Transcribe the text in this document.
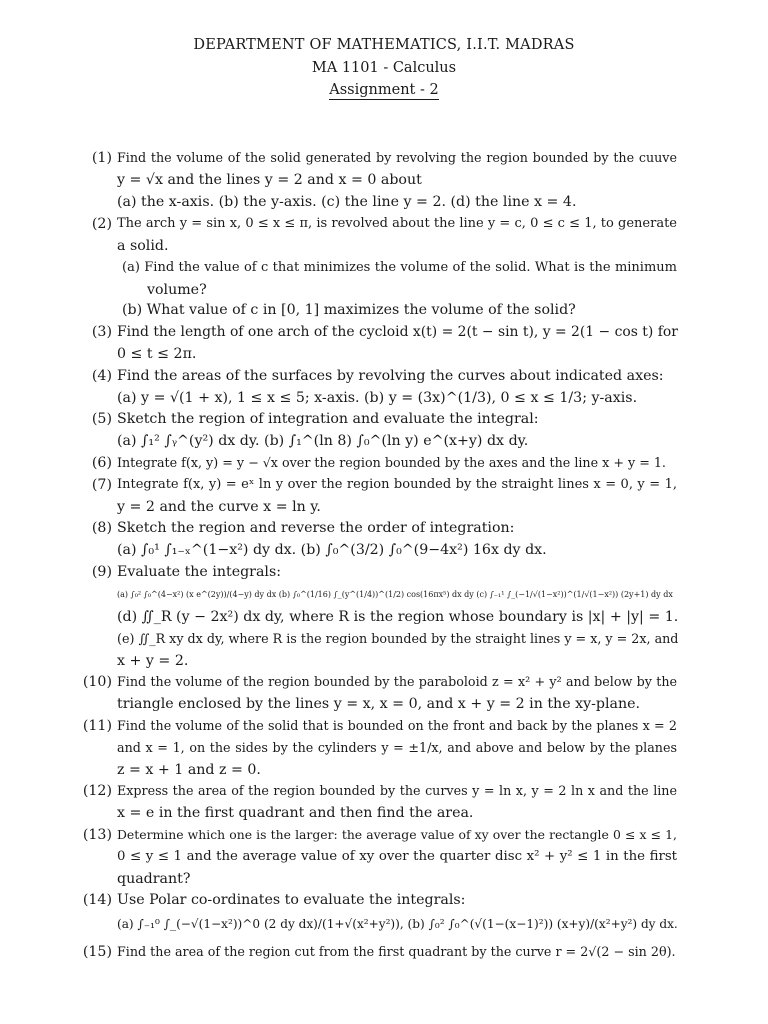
DEPARTMENT OF MATHEMATICS, I.I.T. MADRAS
MA 1101 - Calculus
Assignment - 2
(1) Find the volume of the solid generated by revolving the region bounded by the cuuve
y = √x and the lines y = 2 and x = 0 about
(a) the x-axis. (b) the y-axis. (c) the line y = 2. (d) the line x = 4.
(2) The arch y = sin x, 0 ≤ x ≤ π, is revolved about the line y = c, 0 ≤ c ≤ 1, to generate
a solid.
(a) Find the value of c that minimizes the volume of the solid. What is the minimum
volume?
(b) What value of c in [0, 1] maximizes the volume of the solid?
(3) Find the length of one arch of the cycloid x(t) = 2(t − sin t), y = 2(1 − cos t) for
0 ≤ t ≤ 2π.
(4) Find the areas of the surfaces by revolving the curves about indicated axes:
(a) y = √(1 + x), 1 ≤ x ≤ 5; x-axis. (b) y = (3x)^(1/3), 0 ≤ x ≤ 1/3; y-axis.
(5) Sketch the region of integration and evaluate the integral:
(a) ∫₁² ∫ᵧ^(y²) dx dy. (b) ∫₁^(ln 8) ∫₀^(ln y) e^(x+y) dx dy.
(6) Integrate f(x, y) = y − √x over the region bounded by the axes and the line x + y = 1.
(7) Integrate f(x, y) = eˣ ln y over the region bounded by the straight lines x = 0, y = 1,
y = 2 and the curve x = ln y.
(8) Sketch the region and reverse the order of integration:
(a) ∫₀¹ ∫₁₋ₓ^(1−x²) dy dx. (b) ∫₀^(3/2) ∫₀^(9−4x²) 16x dy dx.
(9) Evaluate the integrals:
(a) ∫₀² ∫₀^(4−x²) (x e^(2y))/(4−y) dy dx (b) ∫₀^(1/16) ∫_(y^(1/4))^(1/2) cos(16πx⁵) dx dy (c) ∫₋₁¹ ∫_(−1/√(1−x²))^(1/√(1−x²)) (2y+1) dy dx
(d) ∬_R (y − 2x²) dx dy, where R is the region whose boundary is |x| + |y| = 1.
(e) ∬_R xy dx dy, where R is the region bounded by the straight lines y = x, y = 2x, and
x + y = 2.
(10) Find the volume of the region bounded by the paraboloid z = x² + y² and below by the
triangle enclosed by the lines y = x, x = 0, and x + y = 2 in the xy-plane.
(11) Find the volume of the solid that is bounded on the front and back by the planes x = 2
and x = 1, on the sides by the cylinders y = ±1/x, and above and below by the planes
z = x + 1 and z = 0.
(12) Express the area of the region bounded by the curves y = ln x, y = 2 ln x and the line
x = e in the first quadrant and then find the area.
(13) Determine which one is the larger: the average value of xy over the rectangle 0 ≤ x ≤ 1,
0 ≤ y ≤ 1 and the average value of xy over the quarter disc x² + y² ≤ 1 in the first
quadrant?
(14) Use Polar co-ordinates to evaluate the integrals:
(a) ∫₋₁⁰ ∫_(−√(1−x²))^0 (2 dy dx)/(1+√(x²+y²)), (b) ∫₀² ∫₀^(√(1−(x−1)²)) (x+y)/(x²+y²) dy dx.
(15) Find the area of the region cut from the first quadrant by the curve r = 2√(2 − sin 2θ).
